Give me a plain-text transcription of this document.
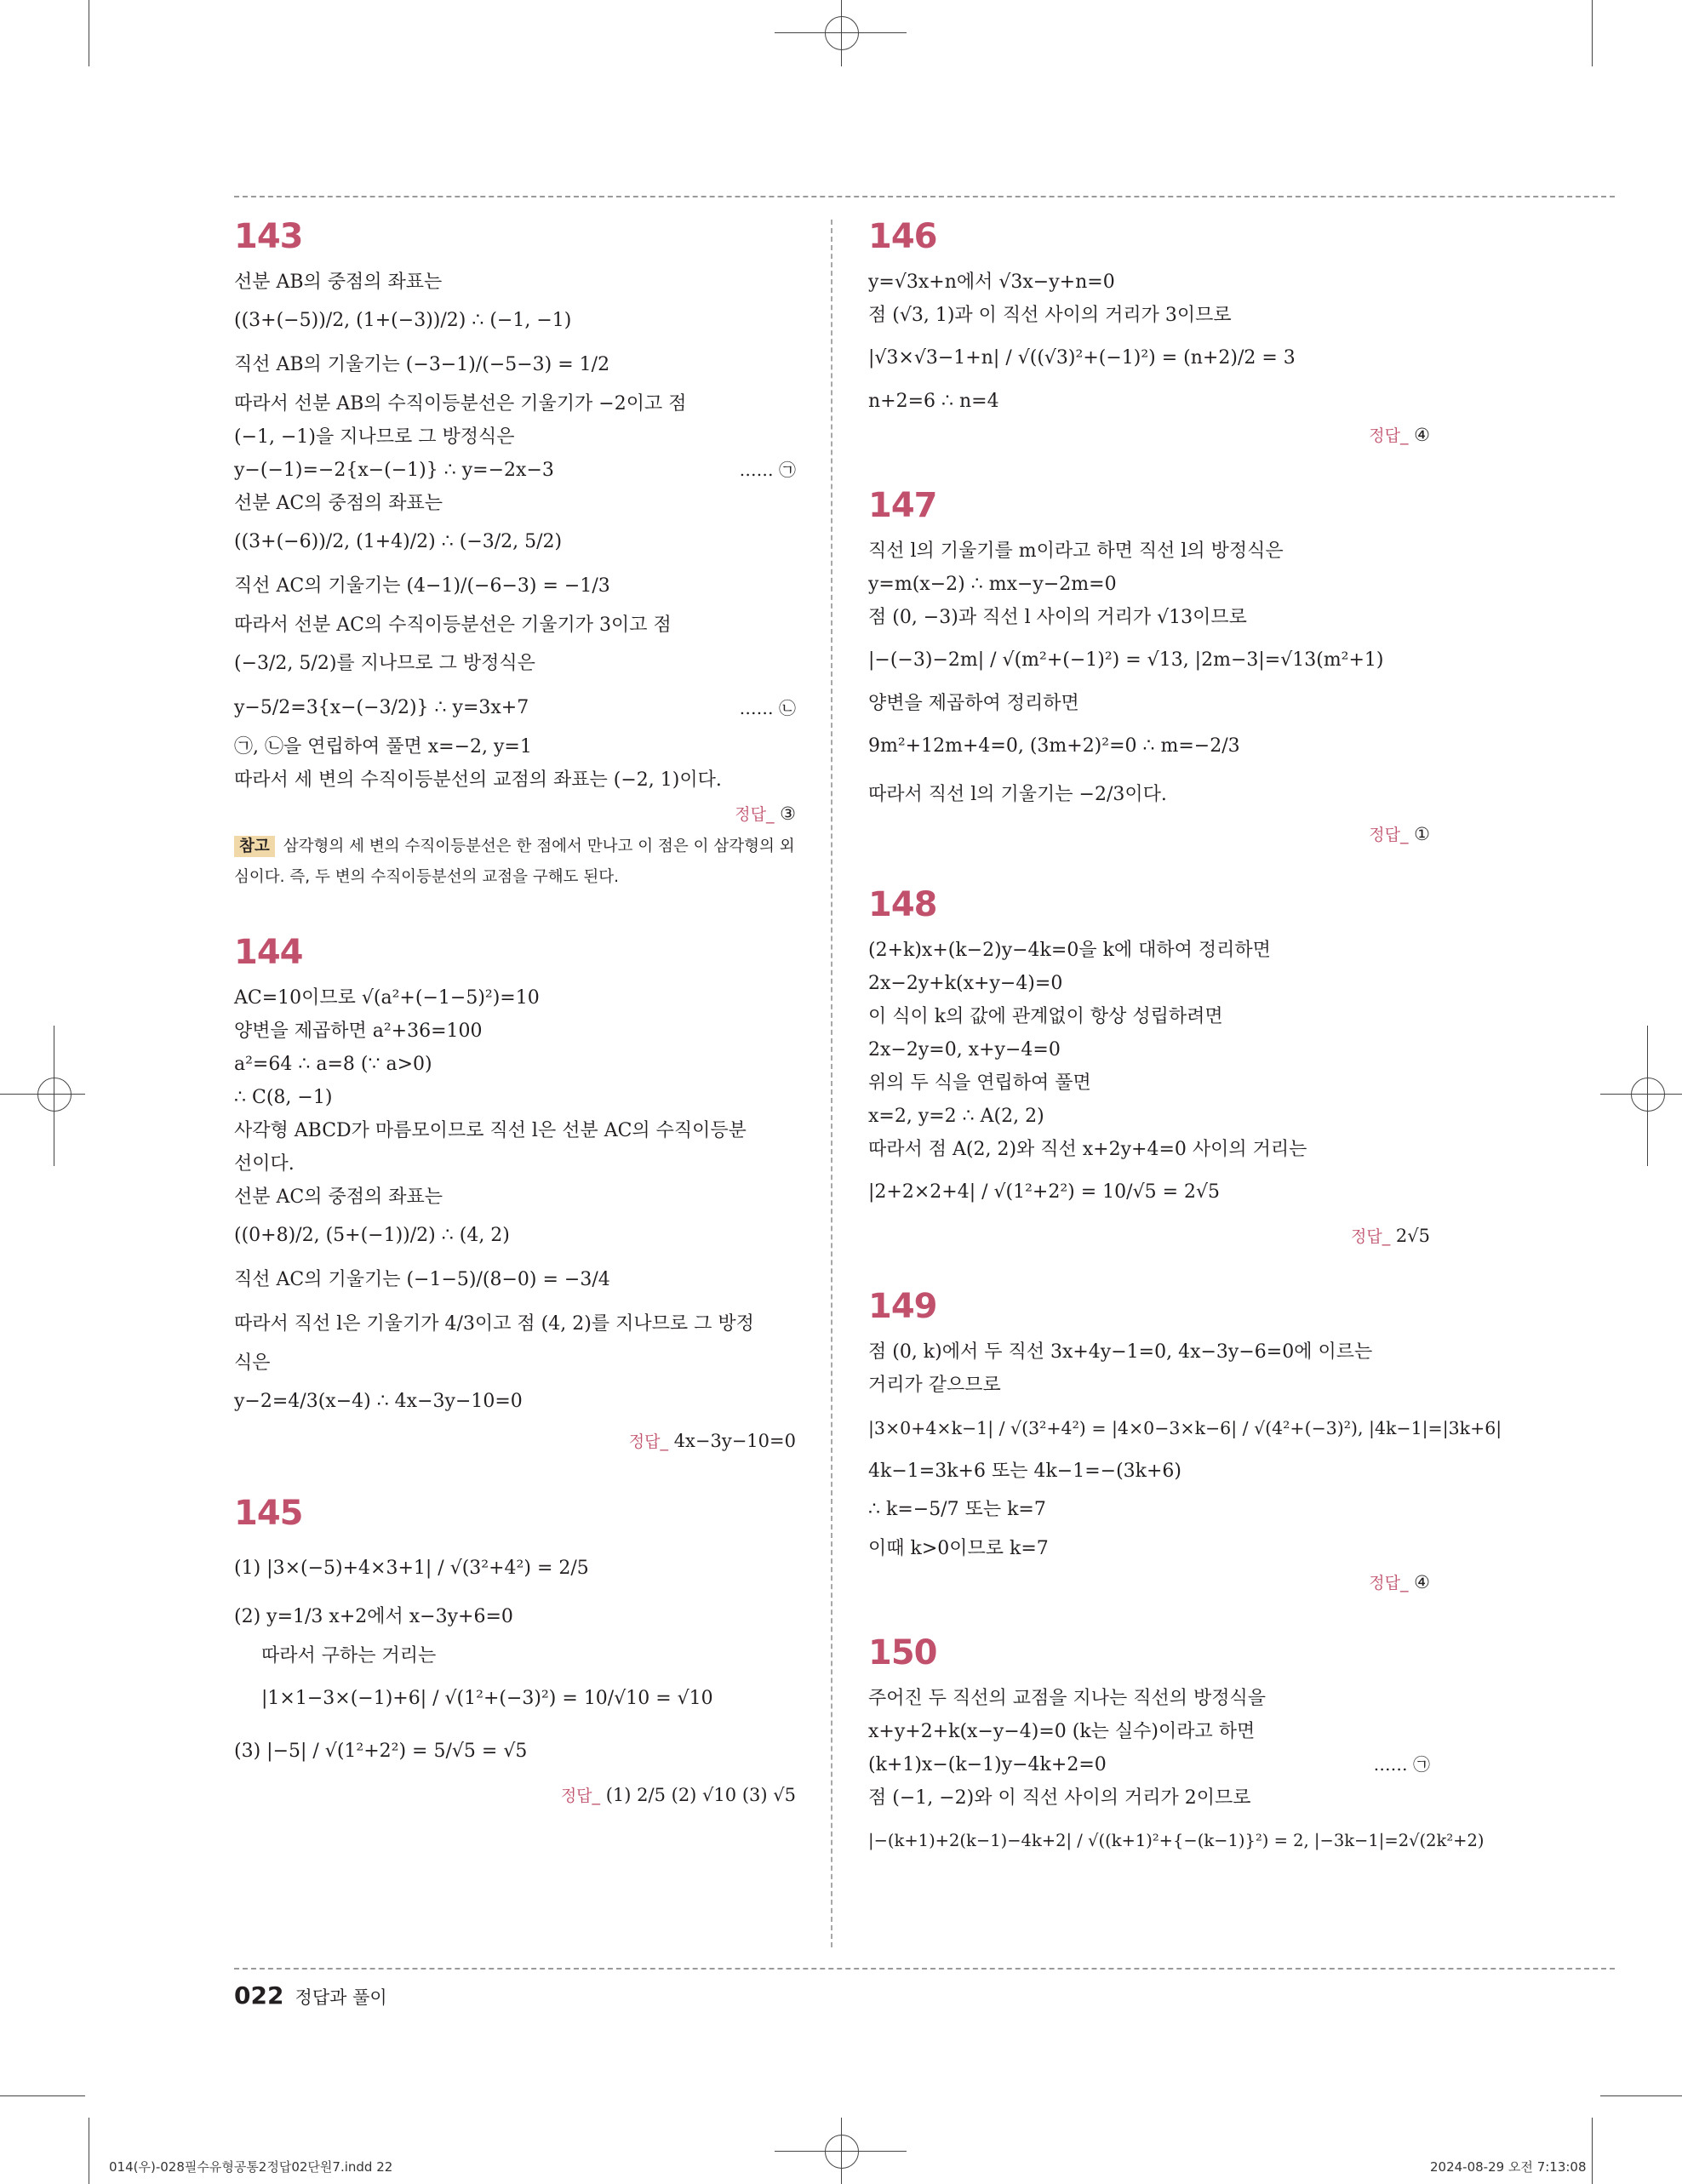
143
선분 AB의 중점의 좌표는
((3+(−5))/2, (1+(−3))/2) ∴ (−1, −1)
직선 AB의 기울기는 (−3−1)/(−5−3) = 1/2
따라서 선분 AB의 수직이등분선은 기울기가 −2이고 점
(−1, −1)을 지나므로 그 방정식은
y−(−1)=−2{x−(−1)} ∴ y=−2x−3	…… ㉠
선분 AC의 중점의 좌표는
((3+(−6))/2, (1+4)/2) ∴ (−3/2, 5/2)
직선 AC의 기울기는 (4−1)/(−6−3) = −1/3
따라서 선분 AC의 수직이등분선은 기울기가 3이고 점
(−3/2, 5/2)를 지나므로 그 방정식은
y−5/2=3{x−(−3/2)} ∴ y=3x+7	…… ㉡
㉠, ㉡을 연립하여 풀면 x=−2, y=1
따라서 세 변의 수직이등분선의 교점의 좌표는 (−2, 1)이다.
정답_ ③
참고 삼각형의 세 변의 수직이등분선은 한 점에서 만나고 이 점은 이 삼각형의 외심이다. 즉, 두 변의 수직이등분선의 교점을 구해도 된다.
144
AC=10이므로 √(a²+(−1−5)²)=10
양변을 제곱하면 a²+36=100
a²=64 ∴ a=8 (∵ a>0)
∴ C(8, −1)
사각형 ABCD가 마름모이므로 직선 l은 선분 AC의 수직이등분
선이다.
선분 AC의 중점의 좌표는
((0+8)/2, (5+(−1))/2) ∴ (4, 2)
직선 AC의 기울기는 (−1−5)/(8−0) = −3/4
따라서 직선 l은 기울기가 4/3이고 점 (4, 2)를 지나므로 그 방정
식은
y−2=4/3(x−4) ∴ 4x−3y−10=0
정답_ 4x−3y−10=0
145
(1) |3×(−5)+4×3+1| / √(3²+4²) = 2/5
(2) y=1/3 x+2에서 x−3y+6=0
따라서 구하는 거리는
|1×1−3×(−1)+6| / √(1²+(−3)²) = 10/√10 = √10
(3) |−5| / √(1²+2²) = 5/√5 = √5
정답_ (1) 2/5 (2) √10 (3) √5
146
y=√3x+n에서 √3x−y+n=0
점 (√3, 1)과 이 직선 사이의 거리가 3이므로
|√3×√3−1+n| / √((√3)²+(−1)²) = (n+2)/2 = 3
n+2=6 ∴ n=4
정답_ ④
147
직선 l의 기울기를 m이라고 하면 직선 l의 방정식은
y=m(x−2) ∴ mx−y−2m=0
점 (0, −3)과 직선 l 사이의 거리가 √13이므로
|−(−3)−2m| / √(m²+(−1)²) = √13, |2m−3|=√13(m²+1)
양변을 제곱하여 정리하면
9m²+12m+4=0, (3m+2)²=0 ∴ m=−2/3
따라서 직선 l의 기울기는 −2/3이다.
정답_ ①
148
(2+k)x+(k−2)y−4k=0을 k에 대하여 정리하면
2x−2y+k(x+y−4)=0
이 식이 k의 값에 관계없이 항상 성립하려면
2x−2y=0, x+y−4=0
위의 두 식을 연립하여 풀면
x=2, y=2 ∴ A(2, 2)
따라서 점 A(2, 2)와 직선 x+2y+4=0 사이의 거리는
|2+2×2+4| / √(1²+2²) = 10/√5 = 2√5
정답_ 2√5
149
점 (0, k)에서 두 직선 3x+4y−1=0, 4x−3y−6=0에 이르는
거리가 같으므로
|3×0+4×k−1| / √(3²+4²) = |4×0−3×k−6| / √(4²+(−3)²), |4k−1|=|3k+6|
4k−1=3k+6 또는 4k−1=−(3k+6)
∴ k=−5/7 또는 k=7
이때 k>0이므로 k=7
정답_ ④
150
주어진 두 직선의 교점을 지나는 직선의 방정식을
x+y+2+k(x−y−4)=0 (k는 실수)이라고 하면
(k+1)x−(k−1)y−4k+2=0	…… ㉠
점 (−1, −2)와 이 직선 사이의 거리가 2이므로
|−(k+1)+2(k−1)−4k+2| / √((k+1)²+{−(k−1)}²) = 2, |−3k−1|=2√(2k²+2)
022 정답과 풀이
014(우)-028필수유형공통2정답02단원7.indd 22	2024-08-29 오전 7:13:08
